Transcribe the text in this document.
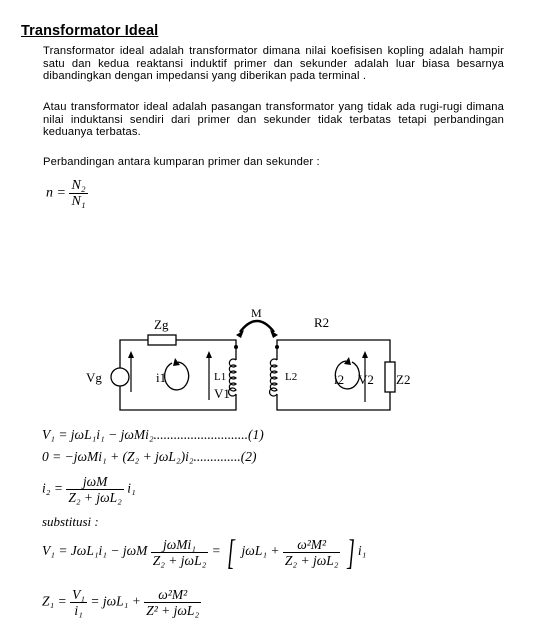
Transformator Ideal
Transformator ideal adalah transformator dimana nilai koefisisen kopling adalah hampir satu dan kedua reaktansi induktif primer dan sekunder adalah luar biasa besarnya dibandingkan dengan impedansi yang diberikan pada terminal .
Atau transformator ideal adalah pasangan transformator yang tidak ada rugi-rugi dimana nilai induktansi sendiri dari primer dan sekunder tidak terbatas tetapi perbandingan keduanya terbatas.
Perbandingan antara kumparan primer dan sekunder :
$n = \frac{\text{N₂}}{\text{N₁}}$
Zg
M
R2
Vg	i1
V1
L1	L2	i2 V2 Z2
V₁ = jωL₁i₁ − jωMi₂............................(1)
0 = −jωMi₁ + (Z₂ + jωL₂)i₂..............(2)
$i_2 = \frac{\text{jωM}}{\text{Z₂ + jωL₂}} i_1$
substitusi :
V₁ = JωL₁i₁ − jωM $\frac{\text{jωMi₁}}{\text{Z₂ + jωL₂}}$ = [ $j\omega L_1 + \frac{\text{ω²M²}}{\text{Z₂ + jωL₂}}$ ] i₁
$Z_1 = \frac{\text{V₁}}{\text{i₁}} = j\omega L_1 + \frac{\text{ω²M²}}{\text{Z² + jωL₂}}$
